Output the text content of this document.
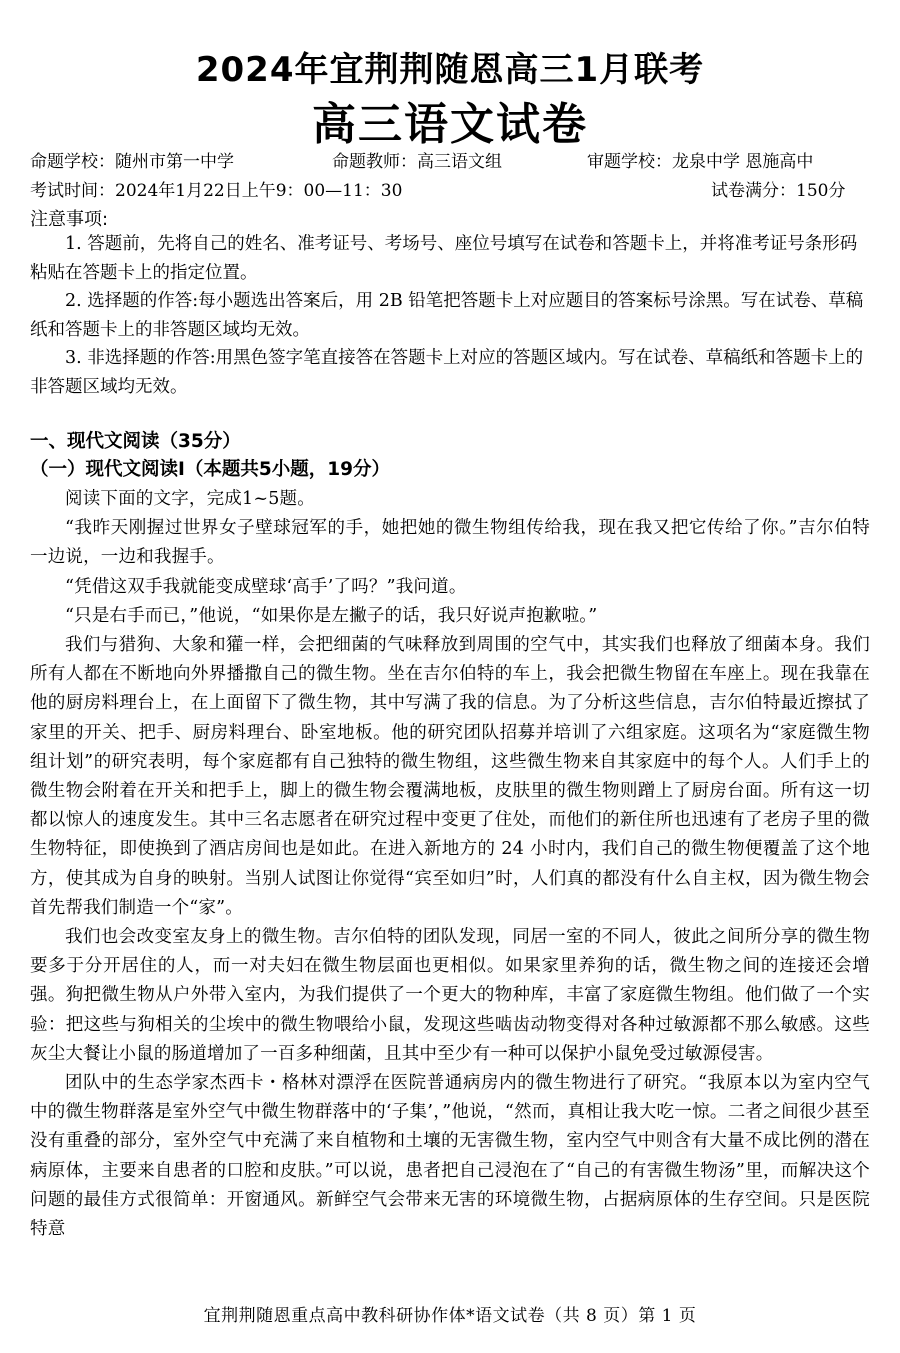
2024年宜荆荆随恩高三1月联考
高三语文试卷
命题学校：随州市第一中学	命题教师：高三语文组	审题学校：龙泉中学 恩施高中
考试时间：2024年1月22日上午9：00—11：30	试卷满分：150分
注意事项:
1. 答题前，先将自己的姓名、准考证号、考场号、座位号填写在试卷和答题卡上，并将准考证号条形码粘贴在答题卡上的指定位置。
2. 选择题的作答:每小题选出答案后，用 2B 铅笔把答题卡上对应题目的答案标号涂黑。写在试卷、草稿纸和答题卡上的非答题区域均无效。
3. 非选择题的作答:用黑色签字笔直接答在答题卡上对应的答题区域内。写在试卷、草稿纸和答题卡上的非答题区域均无效。
一、现代文阅读（35分）
（一）现代文阅读Ⅰ（本题共5小题，19分）

阅读下面的文字，完成1~5题。

“我昨天刚握过世界女子壁球冠军的手，她把她的微生物组传给我，现在我又把它传给了你。”吉尔伯特一边说，一边和我握手。

“凭借这双手我就能变成壁球‘高手’了吗？”我问道。

“只是右手而已，”他说，“如果你是左撇子的话，我只好说声抱歉啦。”

我们与猎狗、大象和獾一样，会把细菌的气味释放到周围的空气中，其实我们也释放了细菌本身。我们所有人都在不断地向外界播撒自己的微生物。坐在吉尔伯特的车上，我会把微生物留在车座上。现在我靠在他的厨房料理台上，在上面留下了微生物，其中写满了我的信息。为了分析这些信息，吉尔伯特最近擦拭了家里的开关、把手、厨房料理台、卧室地板。他的研究团队招募并培训了六组家庭。这项名为“家庭微生物组计划”的研究表明，每个家庭都有自己独特的微生物组，这些微生物来自其家庭中的每个人。人们手上的微生物会附着在开关和把手上，脚上的微生物会覆满地板，皮肤里的微生物则蹭上了厨房台面。所有这一切都以惊人的速度发生。其中三名志愿者在研究过程中变更了住处，而他们的新住所也迅速有了老房子里的微生物特征，即使换到了酒店房间也是如此。在进入新地方的 24 小时内，我们自己的微生物便覆盖了这个地方，使其成为自身的映射。当别人试图让你觉得“宾至如归”时，人们真的都没有什么自主权，因为微生物会首先帮我们制造一个“家”。

我们也会改变室友身上的微生物。吉尔伯特的团队发现，同居一室的不同人，彼此之间所分享的微生物要多于分开居住的人，而一对夫妇在微生物层面也更相似。如果家里养狗的话，微生物之间的连接还会增强。狗把微生物从户外带入室内，为我们提供了一个更大的物种库，丰富了家庭微生物组。他们做了一个实验：把这些与狗相关的尘埃中的微生物喂给小鼠，发现这些啮齿动物变得对各种过敏源都不那么敏感。这些灰尘大餐让小鼠的肠道增加了一百多种细菌，且其中至少有一种可以保护小鼠免受过敏源侵害。

团队中的生态学家杰西卡・格林对漂浮在医院普通病房内的微生物进行了研究。“我原本以为室内空气中的微生物群落是室外空气中微生物群落中的‘子集’，”他说，“然而，真相让我大吃一惊。二者之间很少甚至没有重叠的部分，室外空气中充满了来自植物和土壤的无害微生物，室内空气中则含有大量不成比例的潜在病原体，主要来自患者的口腔和皮肤。”可以说，患者把自己浸泡在了“自己的有害微生物汤”里，而解决这个问题的最佳方式很简单：开窗通风。新鲜空气会带来无害的环境微生物，占据病原体的生存空间。只是医院特意

宜荆荆随恩重点高中教科研协作体*语文试卷（共 8 页）第 1 页
